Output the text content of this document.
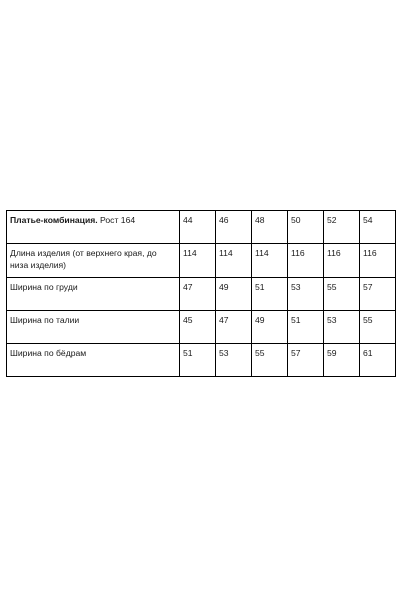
Платье-комбинация. Рост 164	44	46	48	50	52	54
Длина изделия (от верхнего края, до низа изделия)	114	114	114	116	116	116
Ширина по груди	47	49	51	53	55	57
Ширина по талии	45	47	49	51	53	55
Ширина по бёдрам	51	53	55	57	59	61
